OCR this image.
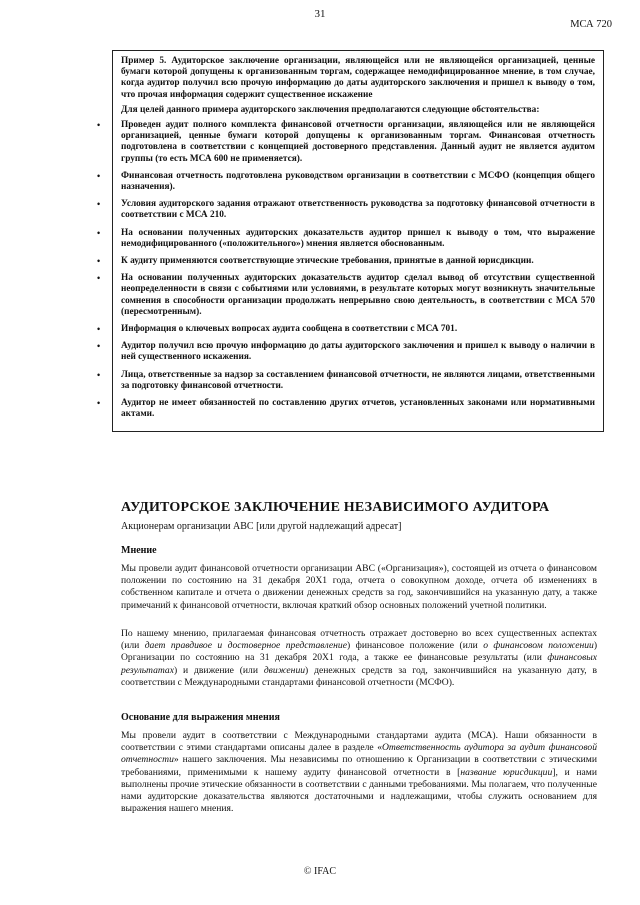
31
МСА 720

Пример 5. Аудиторское заключение организации, являющейся или не являющейся организацией, ценные бумаги которой допущены к организованным торгам, содержащее немодифицированное мнение, в том случае, когда аудитор получил всю прочую информацию до даты аудиторского заключения и пришел к выводу о том, что прочая информация содержит существенное искажение

Для целей данного примера аудиторского заключения предполагаются следующие обстоятельства:

• Проведен аудит полного комплекта финансовой отчетности организации, являющейся или не являющейся организацией, ценные бумаги которой допущены к организованным торгам. Финансовая отчетность подготовлена в соответствии с концепцией достоверного представления. Данный аудит не является аудитом группы (то есть МСА 600 не применяется).
• Финансовая отчетность подготовлена руководством организации в соответствии с МСФО (концепция общего назначения).
• Условия аудиторского задания отражают ответственность руководства за подготовку финансовой отчетности в соответствии с МСА 210.
• На основании полученных аудиторских доказательств аудитор пришел к выводу о том, что выражение немодифицированного («положительного») мнения является обоснованным.
• К аудиту применяются соответствующие этические требования, принятые в данной юрисдикции.
• На основании полученных аудиторских доказательств аудитор сделал вывод об отсутствии существенной неопределенности в связи с событиями или условиями, в результате которых могут возникнуть значительные сомнения в способности организации продолжать непрерывно свою деятельность, в соответствии с МСА 570 (пересмотренным).
• Информация о ключевых вопросах аудита сообщена в соответствии с МСА 701.
• Аудитор получил всю прочую информацию до даты аудиторского заключения и пришел к выводу о наличии в ней существенного искажения.
• Лица, ответственные за надзор за составлением финансовой отчетности, не являются лицами, ответственными за подготовку финансовой отчетности.
• Аудитор не имеет обязанностей по составлению других отчетов, установленных законами или нормативными актами.
АУДИТОРСКОЕ ЗАКЛЮЧЕНИЕ НЕЗАВИСИМОГО АУДИТОРА
Акционерам организации ABC [или другой надлежащий адресат]
Мнение

Мы провели аудит финансовой отчетности организации ABC («Организация»), состоящей из отчета о финансовом положении по состоянию на 31 декабря 20X1 года, отчета о совокупном доходе, отчета об изменениях в собственном капитале и отчета о движении денежных средств за год, закончившийся на указанную дату, а также примечаний к финансовой отчетности, включая краткий обзор основных положений учетной политики.

По нашему мнению, прилагаемая финансовая отчетность отражает достоверно во всех существенных аспектах (или дает правдивое и достоверное представление) финансовое положение (или о финансовом положении) Организации по состоянию на 31 декабря 20X1 года, а также ее финансовые результаты (или финансовых результатах) и движение (или движении) денежных средств за год, закончившийся на указанную дату, в соответствии с Международными стандартами финансовой отчетности (МСФО).

Основание для выражения мнения

Мы провели аудит в соответствии с Международными стандартами аудита (МСА). Наши обязанности в соответствии с этими стандартами описаны далее в разделе «Ответственность аудитора за аудит финансовой отчетности» нашего заключения. Мы независимы по отношению к Организации в соответствии с этическими требованиями, применимыми к нашему аудиту финансовой отчетности в [название юрисдикции], и нами выполнены прочие этические обязанности в соответствии с данными требованиями. Мы полагаем, что полученные нами аудиторские доказательства являются достаточными и надлежащими, чтобы служить основанием для выражения нашего мнения.

© IFAC
